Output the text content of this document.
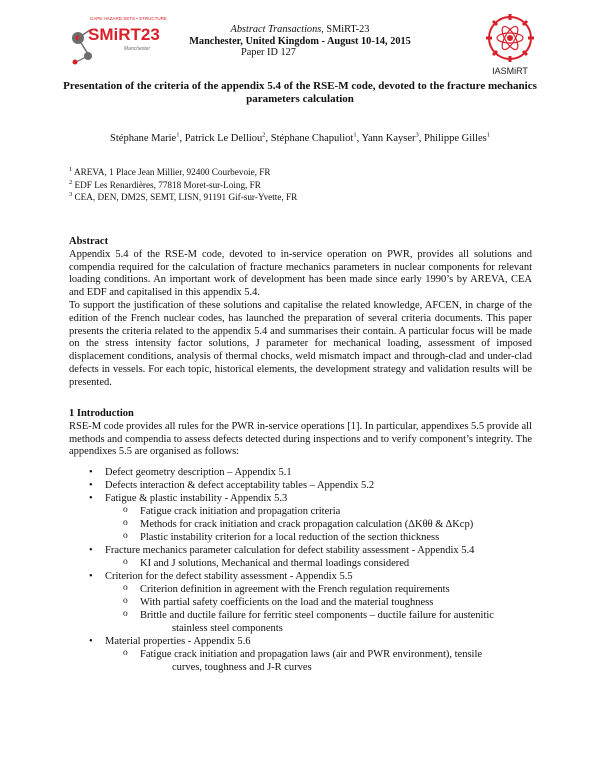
CAPE HAZARD SETS • STRUCTURE
SMiRT23
Manchester
Abstract Transactions, SMiRT-23
Manchester, United Kingdom - August 10-14, 2015
Paper ID 127
IASMiRT
Presentation of the criteria of the appendix 5.4 of the RSE-M code, devoted to the fracture mechanics parameters calculation
Stéphane Marie$^1$, Patrick Le Delliou$^2$, Stéphane Chapuliot$^1$, Yann Kayser$^3$, Philippe Gilles$^1$
$^1$ AREVA, 1 Place Jean Millier, 92400 Courbevoie, FR
$^2$ EDF Les Renardières, 77818 Moret-sur-Loing, FR
$^3$ CEA, DEN, DM2S, SEMT, LISN, 91191 Gif-sur-Yvette, FR
Abstract
Appendix 5.4 of the RSE-M code, devoted to in-service operation on PWR, provides all solutions and compendia required for the calculation of fracture mechanics parameters in nuclear components for relevant loading conditions. An important work of development has been made since early 1990’s by AREVA, CEA and EDF and capitalised in this appendix 5.4.
To support the justification of these solutions and capitalise the related knowledge, AFCEN, in charge of the edition of the French nuclear codes, has launched the preparation of several criteria documents. This paper presents the criteria related to the appendix 5.4 and summarises their contain. A particular focus will be made on the stress intensity factor solutions, J parameter for mechanical loading, assessment of imposed displacement conditions, analysis of thermal chocks, weld mismatch impact and through-clad and under-clad defects in vessels. For each topic, historical elements, the development strategy and validation results will be presented.
1 Introduction
RSE-M code provides all rules for the PWR in-service operations [1]. In particular, appendixes 5.5 provide all methods and compendia to assess defects detected during inspections and to verify component’s integrity. The appendixes 5.5 are organised as follows:
• Defect geometry description – Appendix 5.1
• Defects interaction & defect acceptability tables – Appendix 5.2
• Fatigue & plastic instability - Appendix 5.3
o Fatigue crack initiation and propagation criteria
o Methods for crack initiation and crack propagation calculation (ΔKθθ & ΔKcp)
o Plastic instability criterion for a local reduction of the section thickness
• Fracture mechanics parameter calculation for defect stability assessment - Appendix 5.4
o KI and J solutions, Mechanical and thermal loadings considered
• Criterion for the defect stability assessment - Appendix 5.5
o Criterion definition in agreement with the French regulation requirements
o With partial safety coefficients on the load and the material toughness
o Brittle and ductile failure for ferritic steel components – ductile failure for austenitic
stainless steel components
• Material properties - Appendix 5.6
o Fatigue crack initiation and propagation laws (air and PWR environment), tensile
curves, toughness and J-R curves
